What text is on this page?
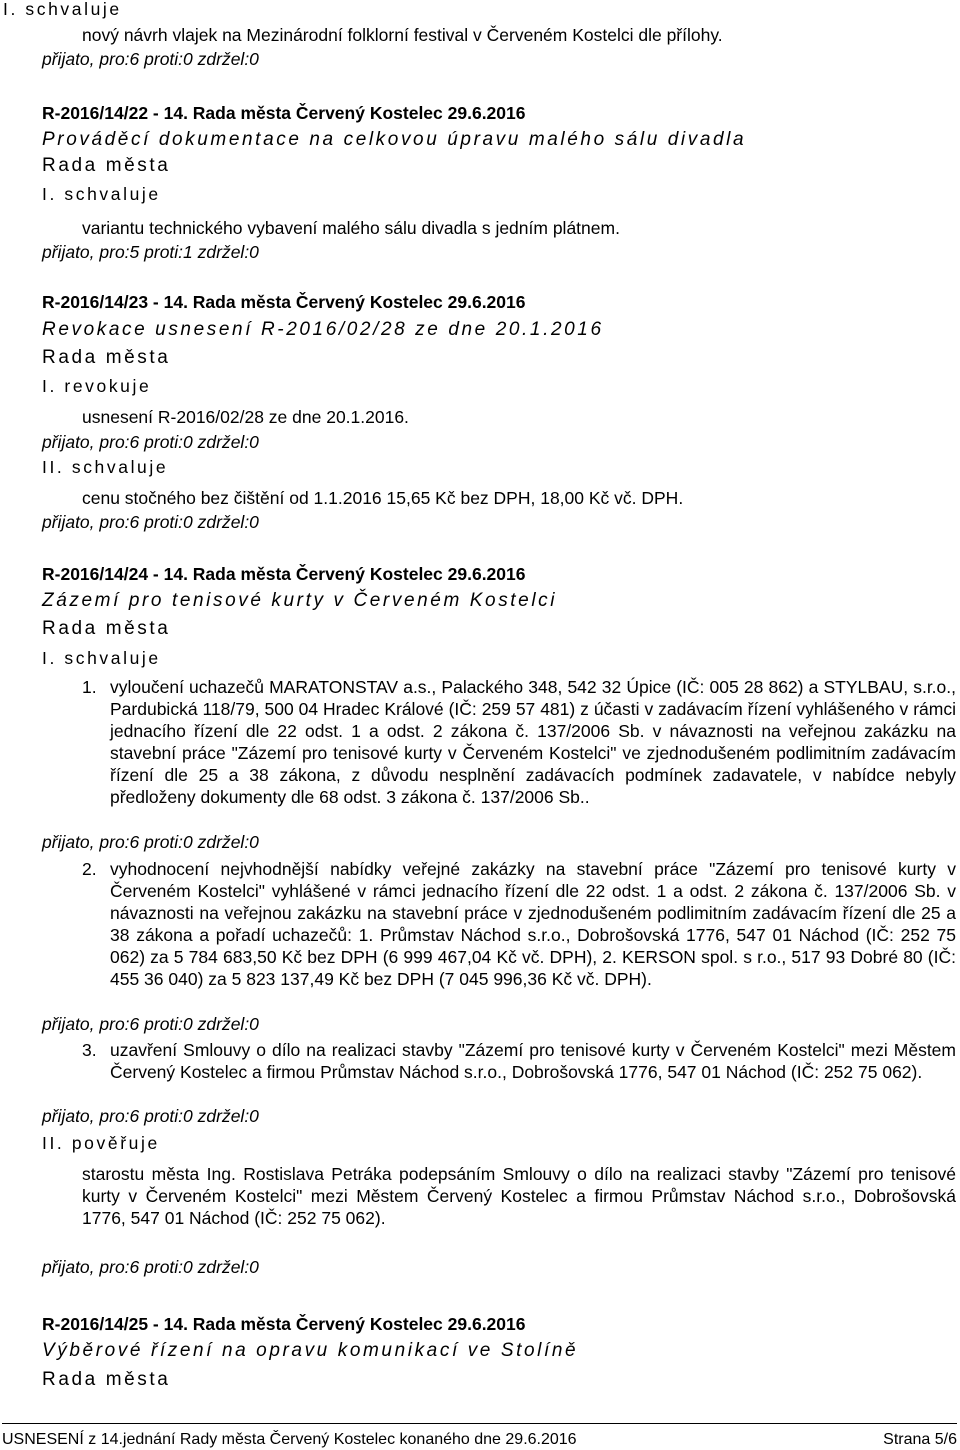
I. schvaluje
nový návrh vlajek na Mezinárodní folklorní festival v Červeném Kostelci dle přílohy.
přijato, pro:6 proti:0 zdržel:0
R-2016/14/22 - 14. Rada města Červený Kostelec 29.6.2016
Prováděcí dokumentace na celkovou úpravu malého sálu divadla
Rada města
I. schvaluje
variantu technického vybavení malého sálu divadla s jedním plátnem.
přijato, pro:5 proti:1 zdržel:0
R-2016/14/23 - 14. Rada města Červený Kostelec 29.6.2016
Revokace usnesení R-2016/02/28 ze dne 20.1.2016
Rada města
I. revokuje
usnesení R-2016/02/28 ze dne 20.1.2016.
přijato, pro:6 proti:0 zdržel:0
II. schvaluje
cenu stočného bez čištění od 1.1.2016 15,65 Kč bez DPH, 18,00 Kč vč. DPH.
přijato, pro:6 proti:0 zdržel:0
R-2016/14/24 - 14. Rada města Červený Kostelec 29.6.2016
Zázemí pro tenisové kurty v Červeném Kostelci
Rada města
I. schvaluje
1. vyloučení uchazečů MARATONSTAV a.s., Palackého 348, 542 32 Úpice (IČ: 005 28 862) a STYLBAU, s.r.o., Pardubická 118/79, 500 04 Hradec Králové (IČ: 259 57 481) z účasti v zadávacím řízení vyhlášeného v rámci jednacího řízení dle 22 odst. 1 a odst. 2 zákona č. 137/2006 Sb. v návaznosti na veřejnou zakázku na stavební práce "Zázemí pro tenisové kurty v Červeném Kostelci" ve zjednodušeném podlimitním zadávacím řízení dle 25 a 38 zákona, z důvodu nesplnění zadávacích podmínek zadavatele, v nabídce nebyly předloženy dokumenty dle 68 odst. 3 zákona č. 137/2006 Sb..
přijato, pro:6 proti:0 zdržel:0
2. vyhodnocení nejvhodnější nabídky veřejné zakázky na stavební práce "Zázemí pro tenisové kurty v Červeném Kostelci" vyhlášené v rámci jednacího řízení dle 22 odst. 1 a odst. 2 zákona č. 137/2006 Sb. v návaznosti na veřejnou zakázku na stavební práce v zjednodušeném podlimitním zadávacím řízení dle 25 a 38 zákona a pořadí uchazečů: 1. Průmstav Náchod s.r.o., Dobrošovská 1776, 547 01 Náchod (IČ: 252 75 062) za 5 784 683,50 Kč bez DPH (6 999 467,04 Kč vč. DPH), 2. KERSON spol. s r.o., 517 93 Dobré 80 (IČ: 455 36 040) za 5 823 137,49 Kč bez DPH (7 045 996,36 Kč vč. DPH).
přijato, pro:6 proti:0 zdržel:0
3. uzavření Smlouvy o dílo na realizaci stavby "Zázemí pro tenisové kurty v Červeném Kostelci" mezi Městem Červený Kostelec a firmou Průmstav Náchod s.r.o., Dobrošovská 1776, 547 01 Náchod (IČ: 252 75 062).
přijato, pro:6 proti:0 zdržel:0
II. pověřuje
starostu města Ing. Rostislava Petráka podepsáním Smlouvy o dílo na realizaci stavby "Zázemí pro tenisové kurty v Červeném Kostelci" mezi Městem Červený Kostelec a firmou Průmstav Náchod s.r.o., Dobrošovská 1776, 547 01 Náchod (IČ: 252 75 062).
přijato, pro:6 proti:0 zdržel:0
R-2016/14/25 - 14. Rada města Červený Kostelec 29.6.2016
Výběrové řízení na opravu komunikací ve Stolíně
Rada města
USNESENÍ z 14.jednání Rady města Červený Kostelec konaného dne 29.6.2016	Strana 5/6
